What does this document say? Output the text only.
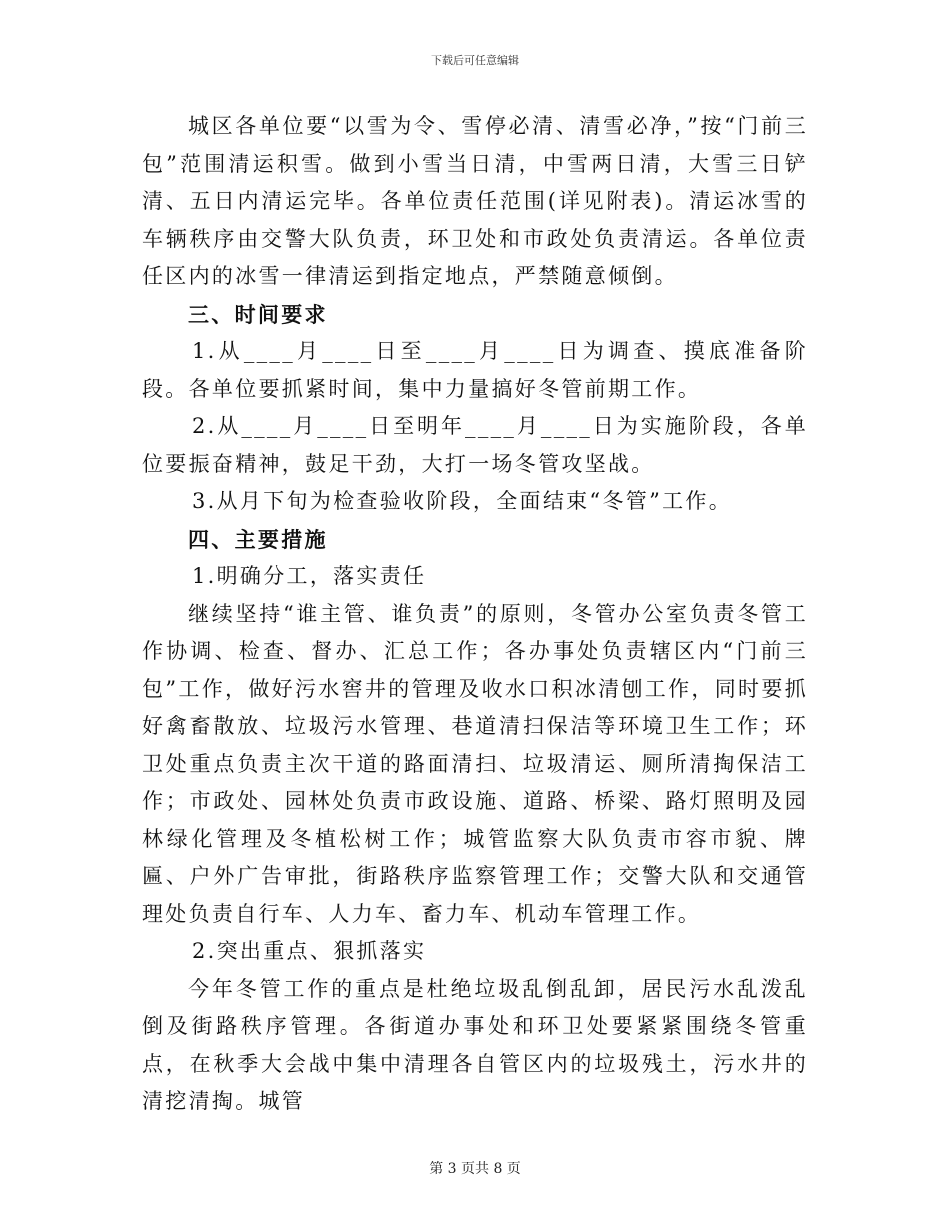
下载后可任意编辑

城区各单位要“以雪为令、雪停必清、清雪必净，”按“门前三包”范围清运积雪。做到小雪当日清，中雪两日清，大雪三日铲清、五日内清运完毕。各单位责任范围(详见附表)。清运冰雪的车辆秩序由交警大队负责，环卫处和市政处负责清运。各单位责任区内的冰雪一律清运到指定地点，严禁随意倾倒。

三、时间要求

1.从____月____日至____月____日为调查、摸底准备阶段。各单位要抓紧时间，集中力量搞好冬管前期工作。

2.从____月____日至明年____月____日为实施阶段，各单位要振奋精神，鼓足干劲，大打一场冬管攻坚战。

3.从月下旬为检查验收阶段，全面结束“冬管”工作。

四、主要措施

1.明确分工，落实责任

继续坚持“谁主管、谁负责”的原则，冬管办公室负责冬管工作协调、检查、督办、汇总工作；各办事处负责辖区内“门前三包”工作，做好污水窖井的管理及收水口积冰清刨工作，同时要抓好禽畜散放、垃圾污水管理、巷道清扫保洁等环境卫生工作；环卫处重点负责主次干道的路面清扫、垃圾清运、厕所清掏保洁工作；市政处、园林处负责市政设施、道路、桥梁、路灯照明及园林绿化管理及冬植松树工作；城管监察大队负责市容市貌、牌匾、户外广告审批，街路秩序监察管理工作；交警大队和交通管理处负责自行车、人力车、畜力车、机动车管理工作。

2.突出重点、狠抓落实

今年冬管工作的重点是杜绝垃圾乱倒乱卸，居民污水乱泼乱倒及街路秩序管理。各街道办事处和环卫处要紧紧围绕冬管重点，在秋季大会战中集中清理各自管区内的垃圾残土，污水井的清挖清掏。城管

第 3 页共 8 页
